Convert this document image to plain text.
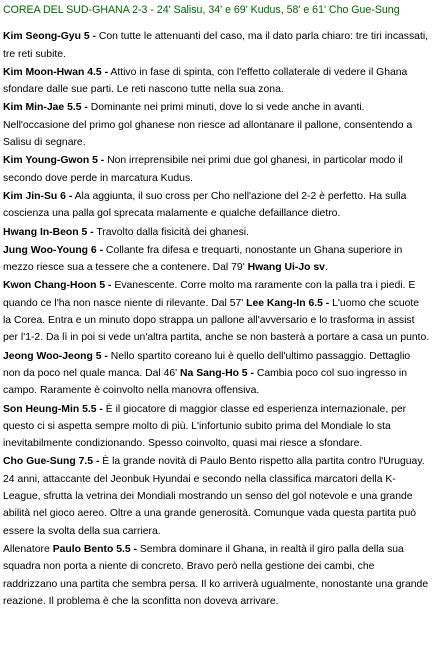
COREA DEL SUD-GHANA 2-3 - 24' Salisu, 34' e 69' Kudus, 58' e 61' Cho Gue-Sung
Kim Seong-Gyu 5 - Con tutte le attenuanti del caso, ma il dato parla chiaro: tre tiri incassati, tre reti subite.
Kim Moon-Hwan 4.5 - Attivo in fase di spinta, con l'effetto collaterale di vedere il Ghana sfondare dalle sue parti. Le reti nascono tutte nella sua zona.
Kim Min-Jae 5.5 - Dominante nei primi minuti, dove lo si vede anche in avanti. Nell'occasione del primo gol ghanese non riesce ad allontanare il pallone, consentendo a Salisu di segnare.
Kim Young-Gwon 5 - Non irreprensibile nei primi due gol ghanesi, in particolar modo il secondo dove perde in marcatura Kudus.
Kim Jin-Su 6 - Ala aggiunta, il suo cross per Cho nell'azione del 2-2 è perfetto. Ha sulla coscienza una palla gol sprecata malamente e qualche defaillance dietro.
Hwang In-Beon 5 - Travolto dalla fisicità dei ghanesi.
Jung Woo-Young 6 - Collante fra difesa e trequarti, nonostante un Ghana superiore in mezzo riesce sua a tessere che a contenere. Dal 79' Hwang Ui-Jo sv.
Kwon Chang-Hoon 5 - Evanescente. Corre molto ma raramente con la palla tra i piedi. E quando ce l'ha non nasce niente di rilevante. Dal 57' Lee Kang-In 6.5 - L'uomo che scuote la Corea. Entra e un minuto dopo strappa un pallone all'avversario e lo trasforma in assist per l'1-2. Da lì in poi si vede un'altra partita, anche se non basterà a portare a casa un punto.
Jeong Woo-Jeong 5 - Nello spartito coreano lui è quello dell'ultimo passaggio. Dettaglio non da poco nel quale manca. Dal 46' Na Sang-Ho 5 - Cambia poco col suo ingresso in campo. Raramente è coinvolto nella manovra offensiva.
Son Heung-Min 5.5 - È il giocatore di maggior classe ed esperienza internazionale, per questo ci si aspetta sempre molto di più. L'infortunio subito prima del Mondiale lo sta inevitabilmente condizionando. Spesso coinvolto, quasi mai riesce a sfondare.
Cho Gue-Sung 7.5 - È la grande novità di Paulo Bento rispetto alla partita contro l'Uruguay. 24 anni, attaccante del Jeonbuk Hyundai e secondo nella classifica marcatori della K-League, sfrutta la vetrina dei Mondiali mostrando un senso del gol notevole e una grande abilità nel gioco aereo. Oltre a una grande generosità. Comunque vada questa partita può essere la svolta della sua carriera.
Allenatore Paulo Bento 5.5 - Sembra dominare il Ghana, in realtà il giro palla della sua squadra non porta a niente di concreto. Bravo però nella gestione dei cambi, che raddrizzano una partita che sembra persa. Il ko arriverà ugualmente, nonostante una grande reazione. Il problema è che la sconfitta non doveva arrivare.
